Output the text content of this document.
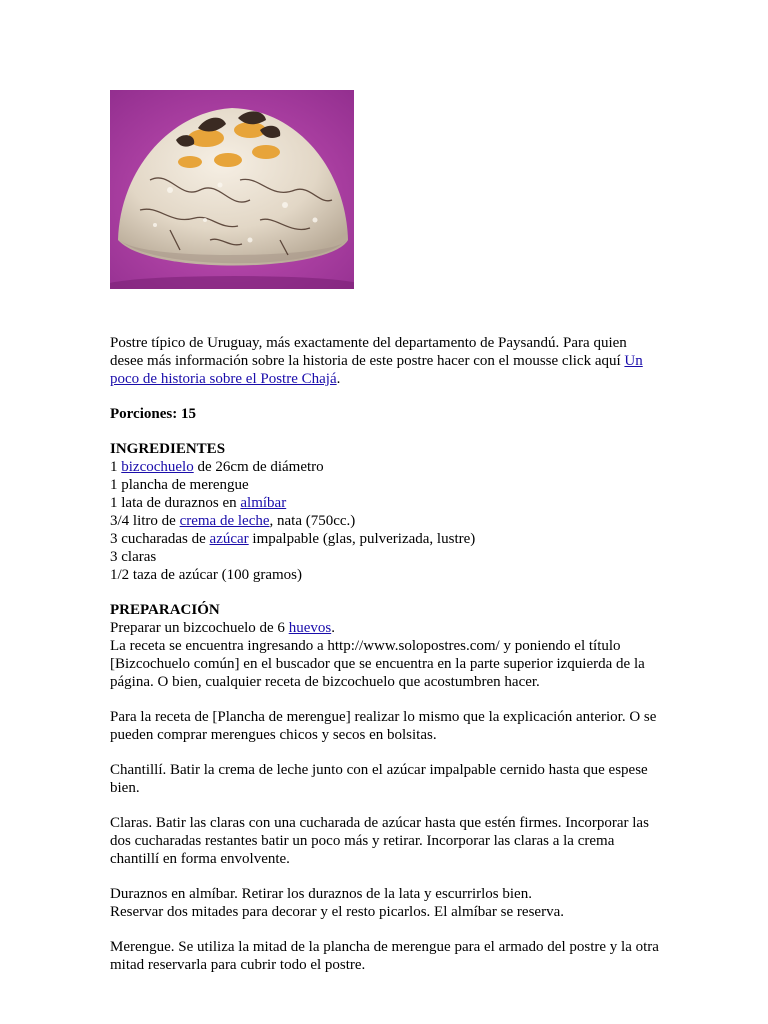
Postre típico de Uruguay, más exactamente del departamento de Paysandú. Para quien desee más información sobre la historia de este postre hacer con el mousse click aquí Un poco de historia sobre el Postre Chajá.

Porciones: 15

INGREDIENTES
1 bizcochuelo de 26cm de diámetro
1 plancha de merengue
1 lata de duraznos en almíbar
3/4 litro de crema de leche, nata (750cc.)
3 cucharadas de azúcar impalpable (glas, pulverizada, lustre)
3 claras
1/2 taza de azúcar (100 gramos)

PREPARACIÓN
Preparar un bizcochuelo de 6 huevos.
La receta se encuentra ingresando a http://www.solopostres.com/ y poniendo el título [Bizcochuelo común] en el buscador que se encuentra en la parte superior izquierda de la página. O bien, cualquier receta de bizcochuelo que acostumbren hacer.

Para la receta de [Plancha de merengue] realizar lo mismo que la explicación anterior. O se pueden comprar merengues chicos y secos en bolsitas.

Chantillí. Batir la crema de leche junto con el azúcar impalpable cernido hasta que espese bien.

Claras. Batir las claras con una cucharada de azúcar hasta que estén firmes. Incorporar las dos cucharadas restantes batir un poco más y retirar. Incorporar las claras a la crema chantillí en forma envolvente.

Duraznos en almíbar. Retirar los duraznos de la lata y escurrirlos bien.
Reservar dos mitades para decorar y el resto picarlos. El almíbar se reserva.

Merengue. Se utiliza la mitad de la plancha de merengue para el armado del postre y la otra mitad reservarla para cubrir todo el postre.
